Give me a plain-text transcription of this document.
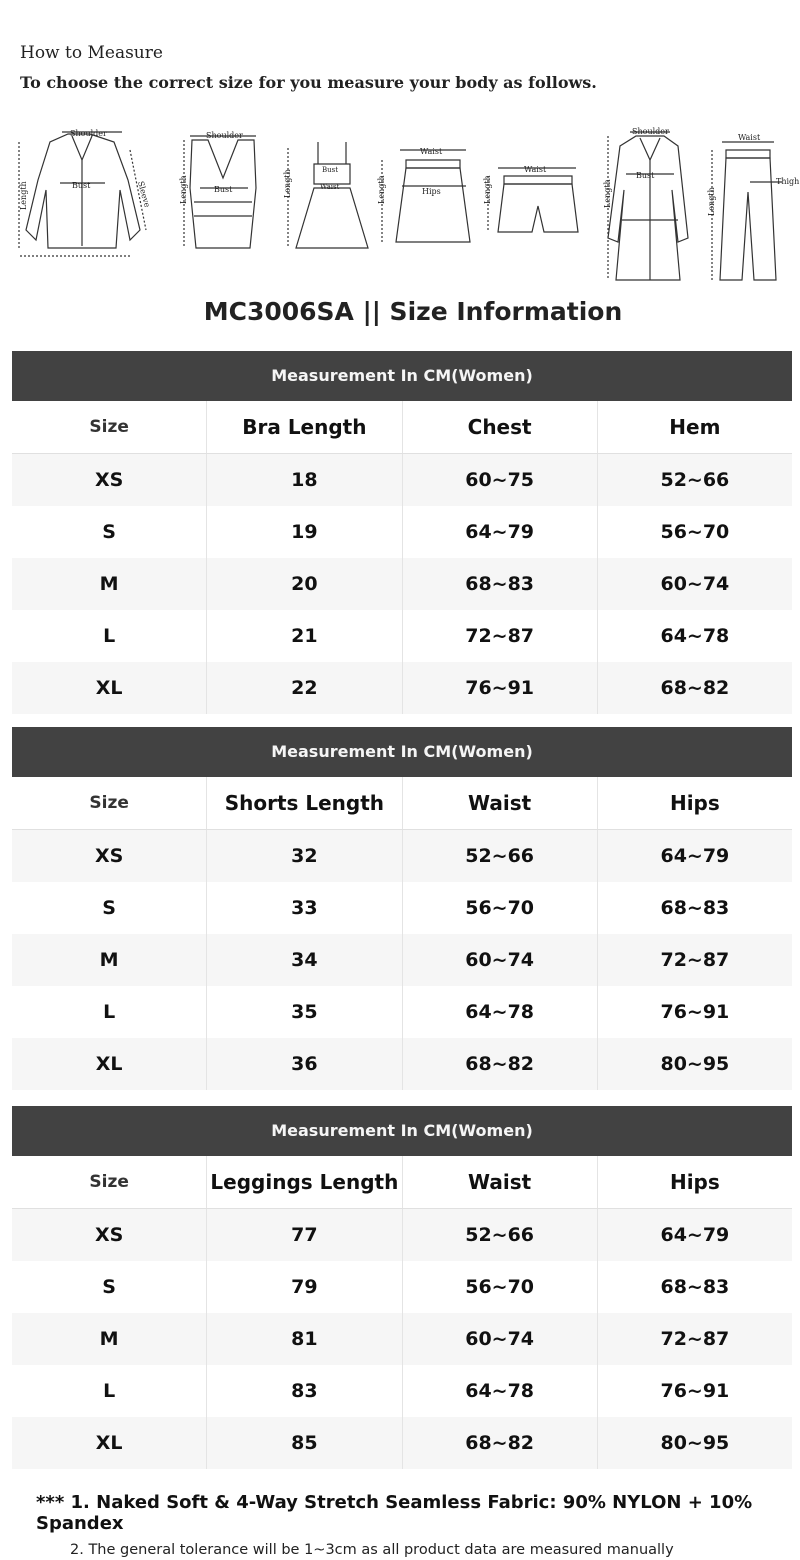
How to Measure
To choose the correct size for you measure your body as follows.
Shoulder
Bust
Length	Sleeve
Shoulder
Bust
Length
Bust
Waist
Length
Waist
Hips
Length
Waist
Length
Shoulder
Bust
Length
Waist
Thigh
Length
MC3006SA || Size Information
Measurement In CM(Women)
Size	Bra Length	Chest	Hem
XS	18	60~75	52~66
S	19	64~79	56~70
M	20	68~83	60~74
L	21	72~87	64~78
XL	22	76~91	68~82
Measurement In CM(Women)
Size	Shorts Length	Waist	Hips
XS	32	52~66	64~79
S	33	56~70	68~83
M	34	60~74	72~87
L	35	64~78	76~91
XL	36	68~82	80~95
Measurement In CM(Women)
Size	Leggings Length	Waist	Hips
XS	77	52~66	64~79
S	79	56~70	68~83
M	81	60~74	72~87
L	83	64~78	76~91
XL	85	68~82	80~95
*** 1. Naked Soft & 4-Way Stretch Seamless Fabric: 90% NYLON + 10% Spandex
2. The general tolerance will be 1~3cm as all product data are measured manually
